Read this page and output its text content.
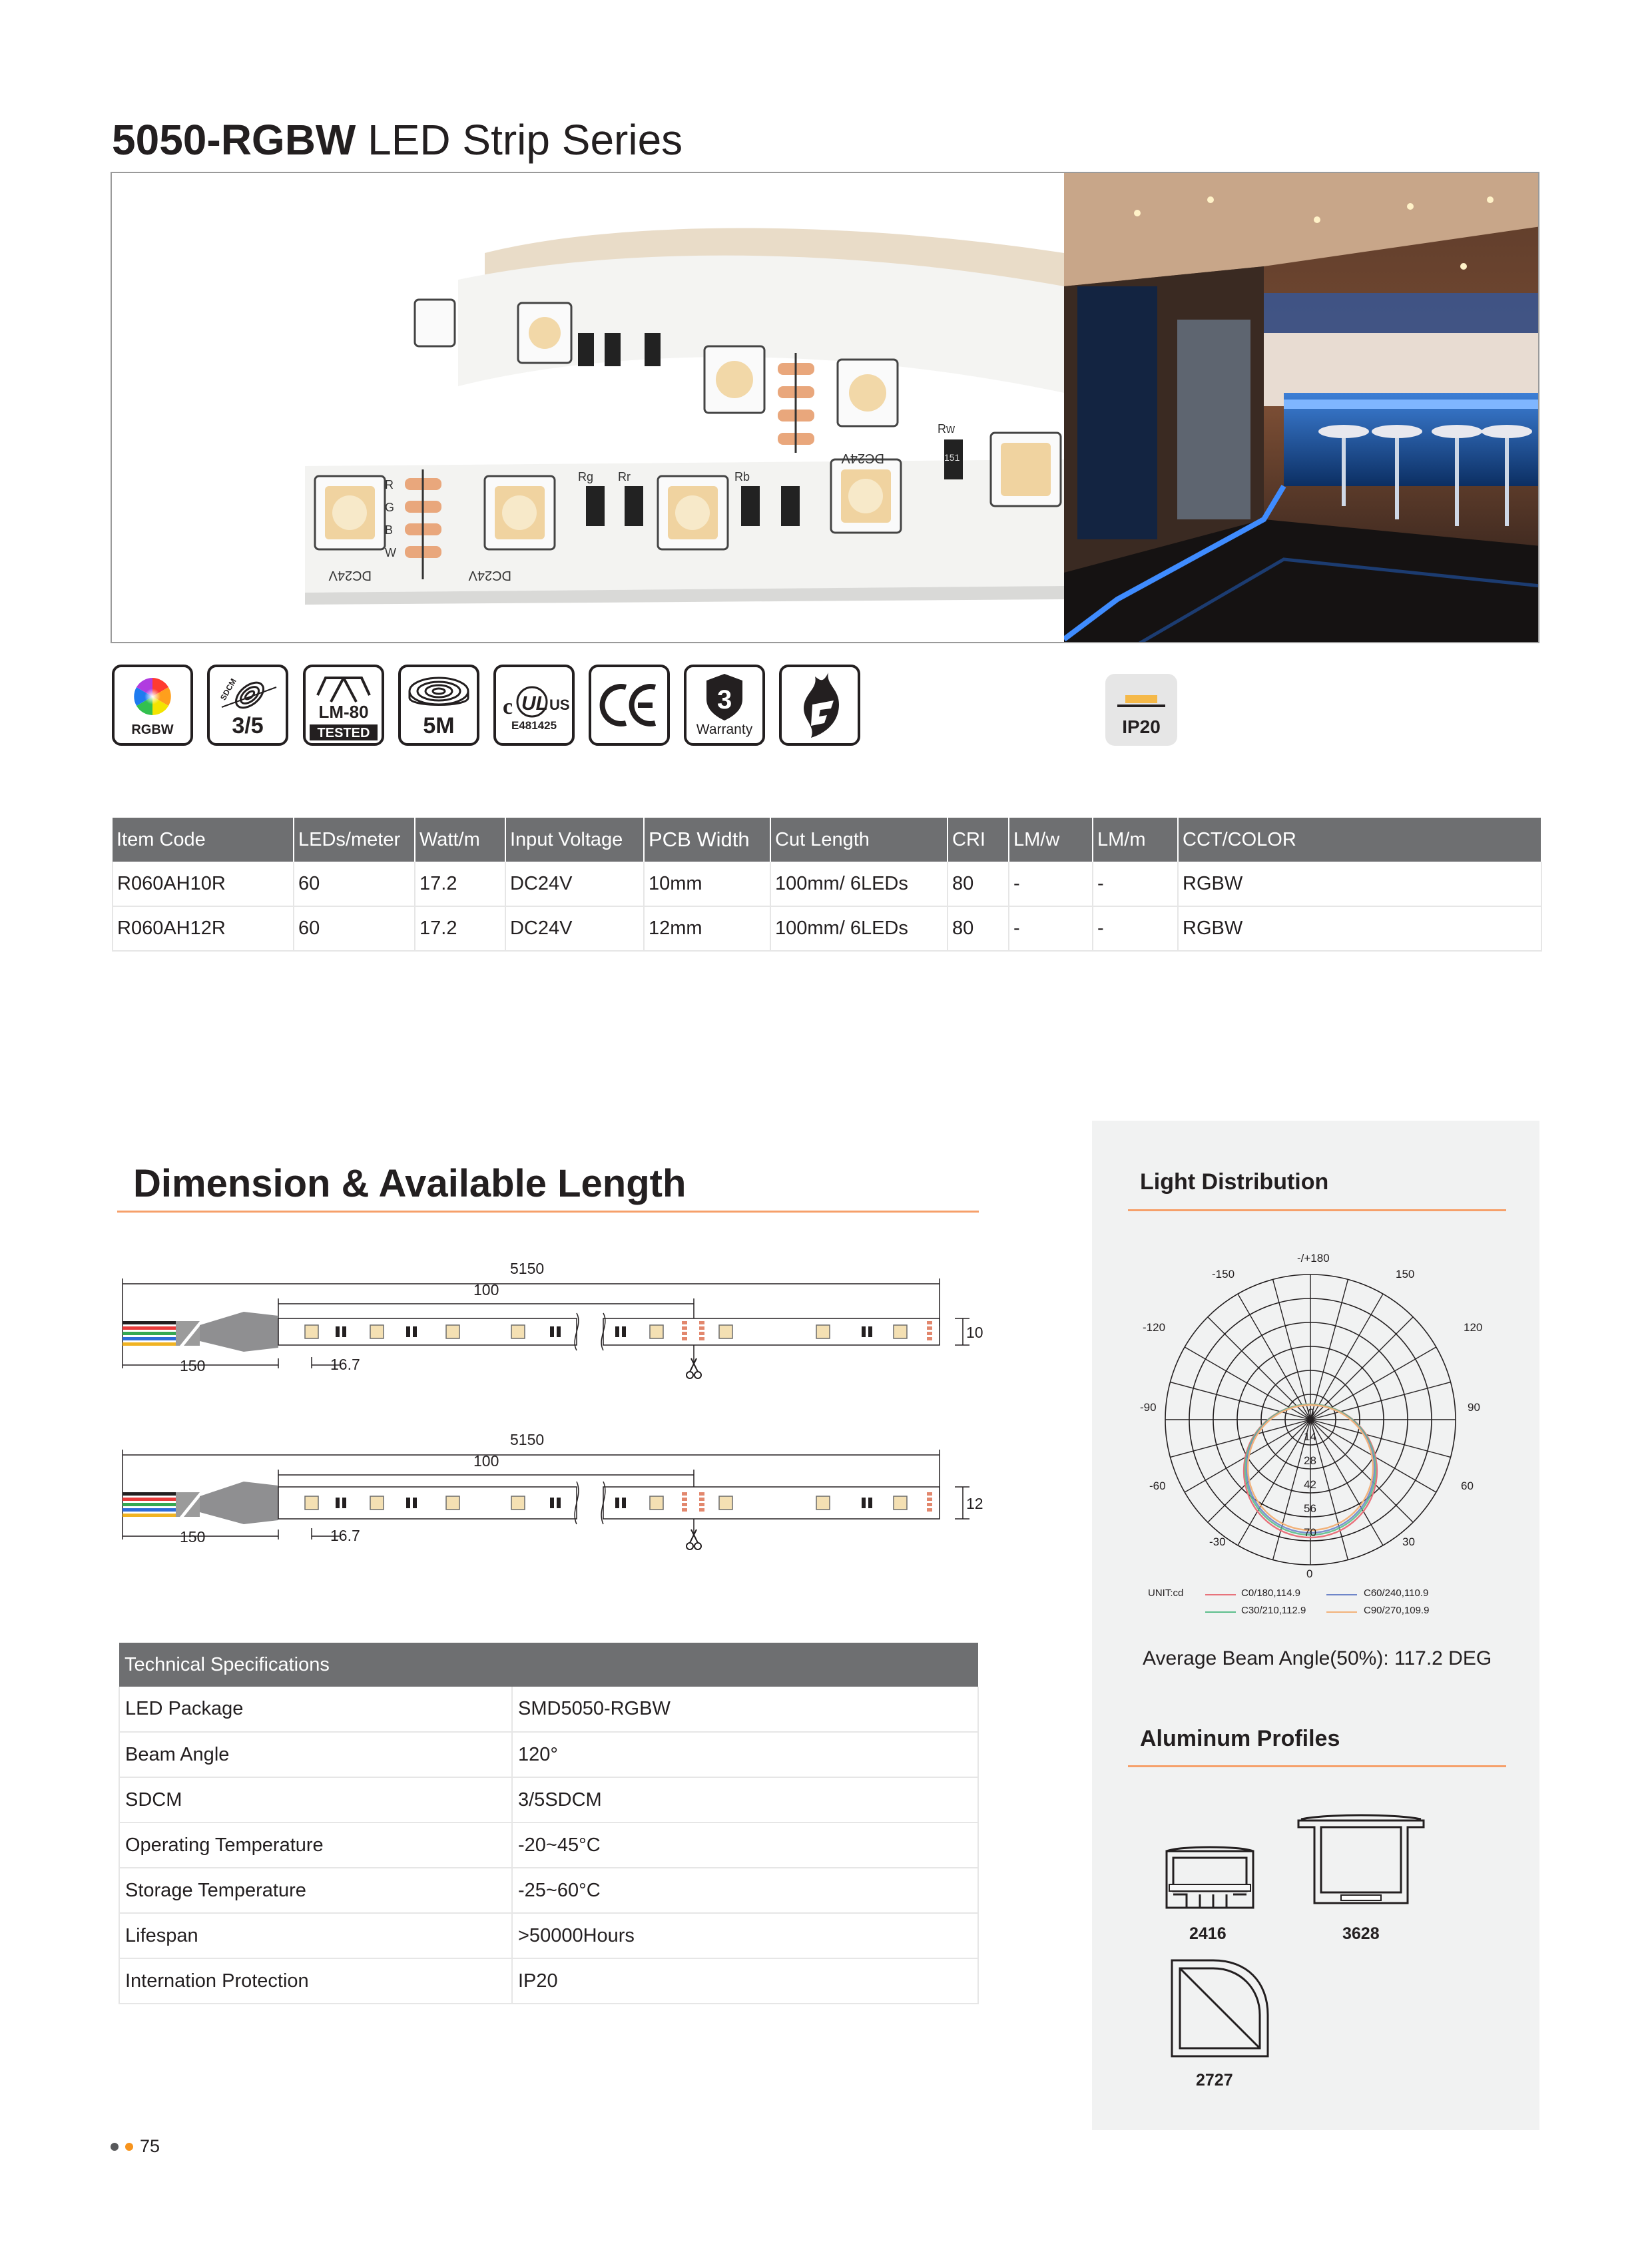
5050-RGBW LED Strip Series
DC24V	DC24V
DC24V
R
G
B
W
Rg Rr	Rb
Rw
151
RGBW
SDCM
3/5
LM-80
TESTED	5M
c UL US
E481425
3
Warranty	IP20
Item Code	LEDs/meter	Watt/m	Input Voltage	PCB Width	Cut Length	CRI	LM/w	LM/m	CCT/COLOR
R060AH10R	60	17.2	DC24V	10mm	100mm/ 6LEDs	80	-	-	RGBW
R060AH12R	60	17.2	DC24V	12mm	100mm/ 6LEDs	80	-	-	RGBW
Dimension & Available Length
5150
100
150	16.7
10
5150
100
150	16.7
12
Technical Specifications	
LED Package	SMD5050-RGBW
Beam Angle	120°
SDCM	3/5SDCM
Operating Temperature	-20~45°C
Storage Temperature	-25~60°C
Lifespan	>50000Hours
Internation Protection	IP20
Light Distribution
-/+180
-150	150
-120	120
-90	90
-60	60
-30	30
0
0
14
28
42
56
70
UNIT:cd	C0/180,114.9	C60/240,110.9
C30/210,112.9	C90/270,109.9
Average Beam Angle(50%): 117.2 DEG
Aluminum Profiles
2416	3628
2727
75
